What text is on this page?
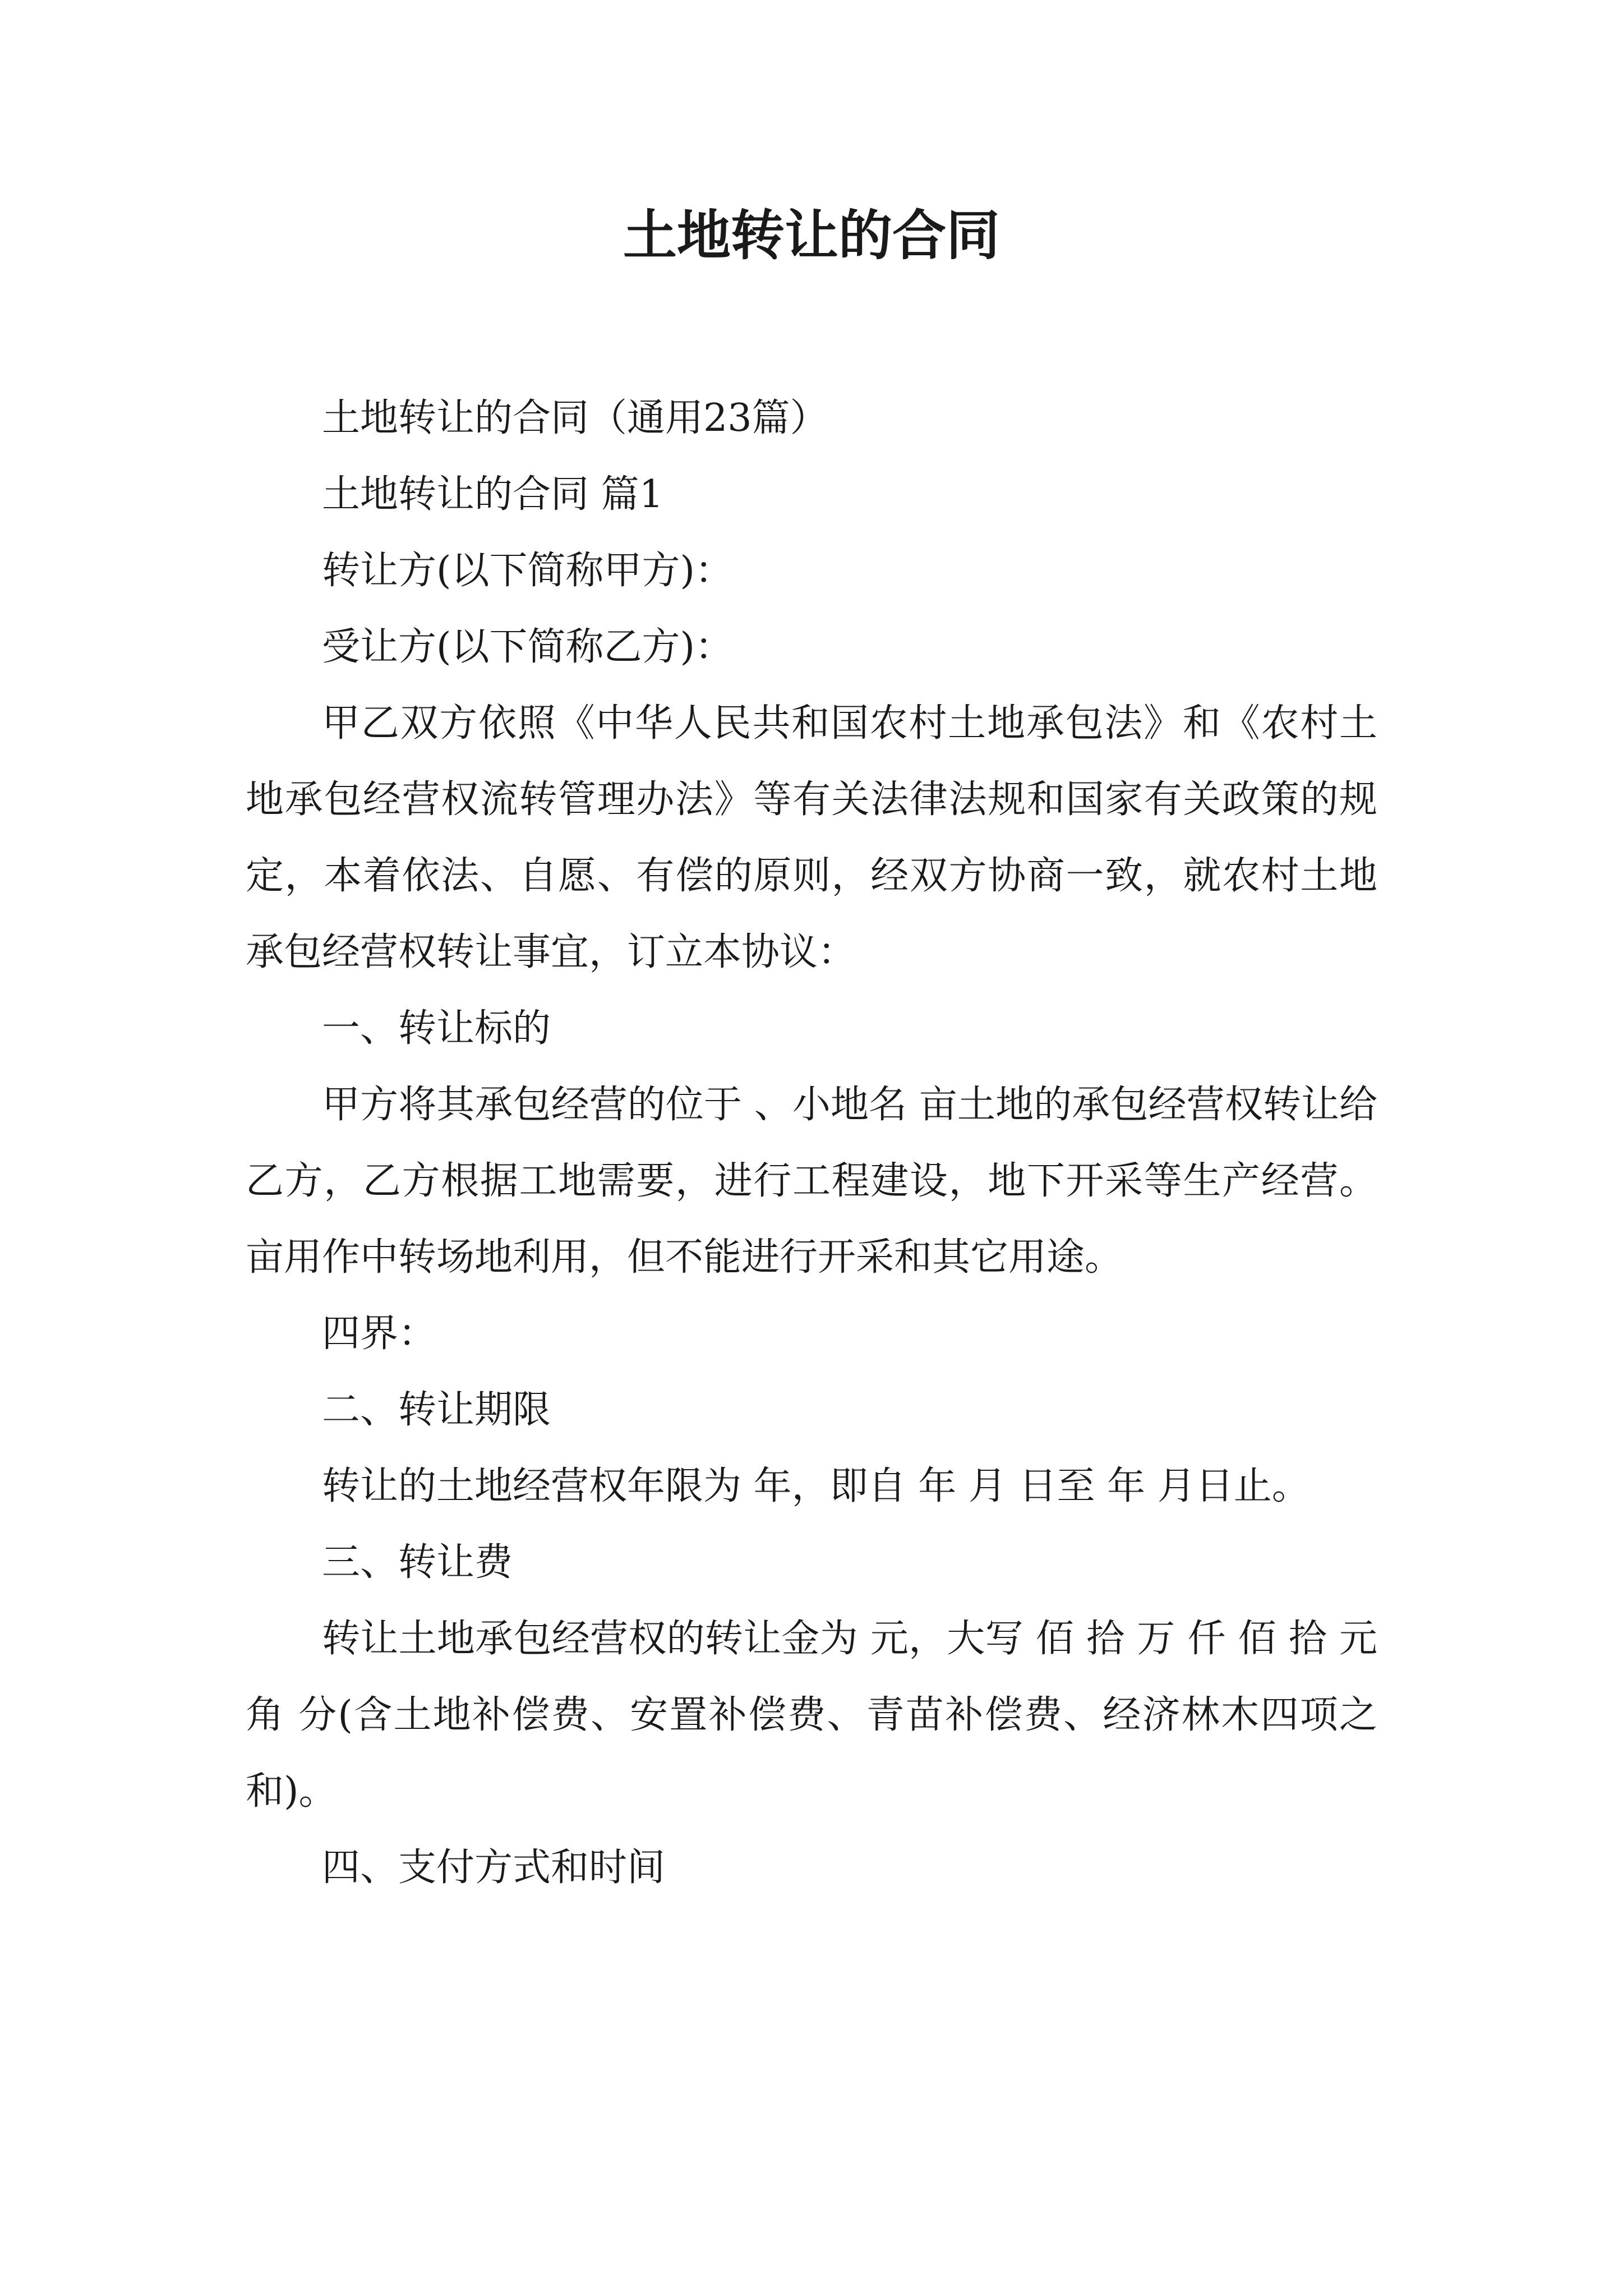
土地转让的合同

土地转让的合同（通用23篇）

土地转让的合同 篇1

转让方(以下简称甲方)：

受让方(以下简称乙方)：

甲乙双方依照《中华人民共和国农村土地承包法》和《农村土地承包经营权流转管理办法》等有关法律法规和国家有关政策的规定，本着依法、自愿、有偿的原则，经双方协商一致，就农村土地承包经营权转让事宜，订立本协议：

一、转让标的

甲方将其承包经营的位于 、小地名 亩土地的承包经营权转让给乙方，乙方根据工地需要，进行工程建设，地下开采等生产经营。亩用作中转场地利用，但不能进行开采和其它用途。

四界：

二、转让期限

转让的土地经营权年限为 年，即自 年 月 日至 年 月日止。

三、转让费

转让土地承包经营权的转让金为 元，大写 佰 拾 万 仟 佰 拾 元 角 分(含土地补偿费、安置补偿费、青苗补偿费、经济林木四项之和)。

四、支付方式和时间
